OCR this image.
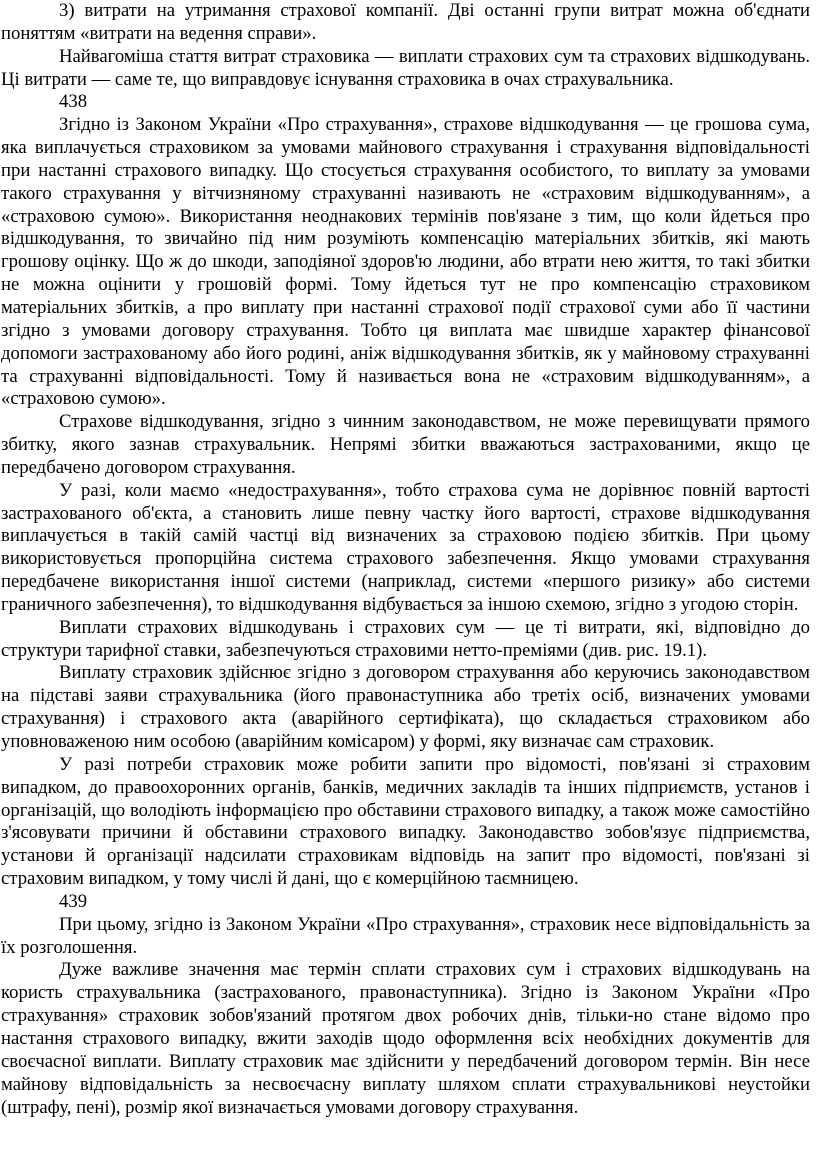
3) витрати на утримання страхової компанії. Дві останні групи витрат можна об'єднати поняттям «витрати на ведення справи».

Найвагоміша стаття витрат страховика — виплати страхових сум та страхових відшкодувань. Ці витрати — саме те, що виправдовує існування страховика в очах страхувальника.

438

Згідно із Законом України «Про страхування», страхове відшкодування — це грошова сума, яка виплачується страховиком за умовами майнового страхування і страхування відповідальності при настанні страхового випадку. Що стосується страхування особистого, то виплату за умовами такого страхування у вітчизняному страхуванні називають не «страховим відшкодуванням», а «страховою сумою». Використання неоднакових термінів пов'язане з тим, що коли йдеться про відшкодування, то звичайно під ним розуміють компенсацію матеріальних збитків, які мають грошову оцінку. Що ж до шкоди, заподіяної здоров'ю людини, або втрати нею життя, то такі збитки не можна оцінити у грошовій формі. Тому йдеться тут не про компенсацію страховиком матеріальних збитків, а про виплату при настанні страхової події страхової суми або її частини згідно з умовами договору страхування. Тобто ця виплата має швидше характер фінансової допомоги застрахованому або його родині, аніж відшкодування збитків, як у майновому страхуванні та страхуванні відповідальності. Тому й називається вона не «страховим відшкодуванням», а «страховою сумою».

Страхове відшкодування, згідно з чинним законодавством, не може перевищувати прямого збитку, якого зазнав страхувальник. Непрямі збитки вважаються застрахованими, якщо це передбачено договором страхування.

У разі, коли маємо «недострахування», тобто страхова сума не дорівнює повній вартості застрахованого об'єкта, а становить лише певну частку його вартості, страхове відшкодування виплачується в такій самій частці від визначених за страховою подією збитків. При цьому використовується пропорційна система страхового забезпечення. Якщо умовами страхування передбачене використання іншої системи (наприклад, системи «першого ризику» або системи граничного забезпечення), то відшкодування відбувається за іншою схемою, згідно з угодою сторін.

Виплати страхових відшкодувань і страхових сум — це ті витрати, які, відповідно до структури тарифної ставки, забезпечуються страховими нетто-преміями (див. рис. 19.1).

Виплату страховик здійснює згідно з договором страхування або керуючись законодавством на підставі заяви страхувальника (його правонаступника або третіх осіб, визначених умовами страхування) і страхового акта (аварійного сертифіката), що складається страховиком або уповноваженою ним особою (аварійним комісаром) у формі, яку визначає сам страховик.

У разі потреби страховик може робити запити про відомості, пов'язані зі страховим випадком, до правоохоронних органів, банків, медичних закладів та інших підприємств, установ і організацій, що володіють інформацією про обставини страхового випадку, а також може самостійно з'ясовувати причини й обставини страхового випадку. Законодавство зобов'язує підприємства, установи й організації надсилати страховикам відповідь на запит про відомості, пов'язані зі страховим випадком, у тому числі й дані, що є комерційною таємницею.

439

При цьому, згідно із Законом України «Про страхування», страховик несе відповідальність за їх розголошення.

Дуже важливе значення має термін сплати страхових сум і страхових відшкодувань на користь страхувальника (застрахованого, правонаступника). Згідно із Законом України «Про страхування» страховик зобов'язаний протягом двох робочих днів, тільки-но стане відомо про настання страхового випадку, вжити заходів щодо оформлення всіх необхідних документів для своєчасної виплати. Виплату страховик має здійснити у передбачений договором термін. Він несе майнову відповідальність за несвоєчасну виплату шляхом сплати страхувальникові неустойки (штрафу, пені), розмір якої визначається умовами договору страхування.
